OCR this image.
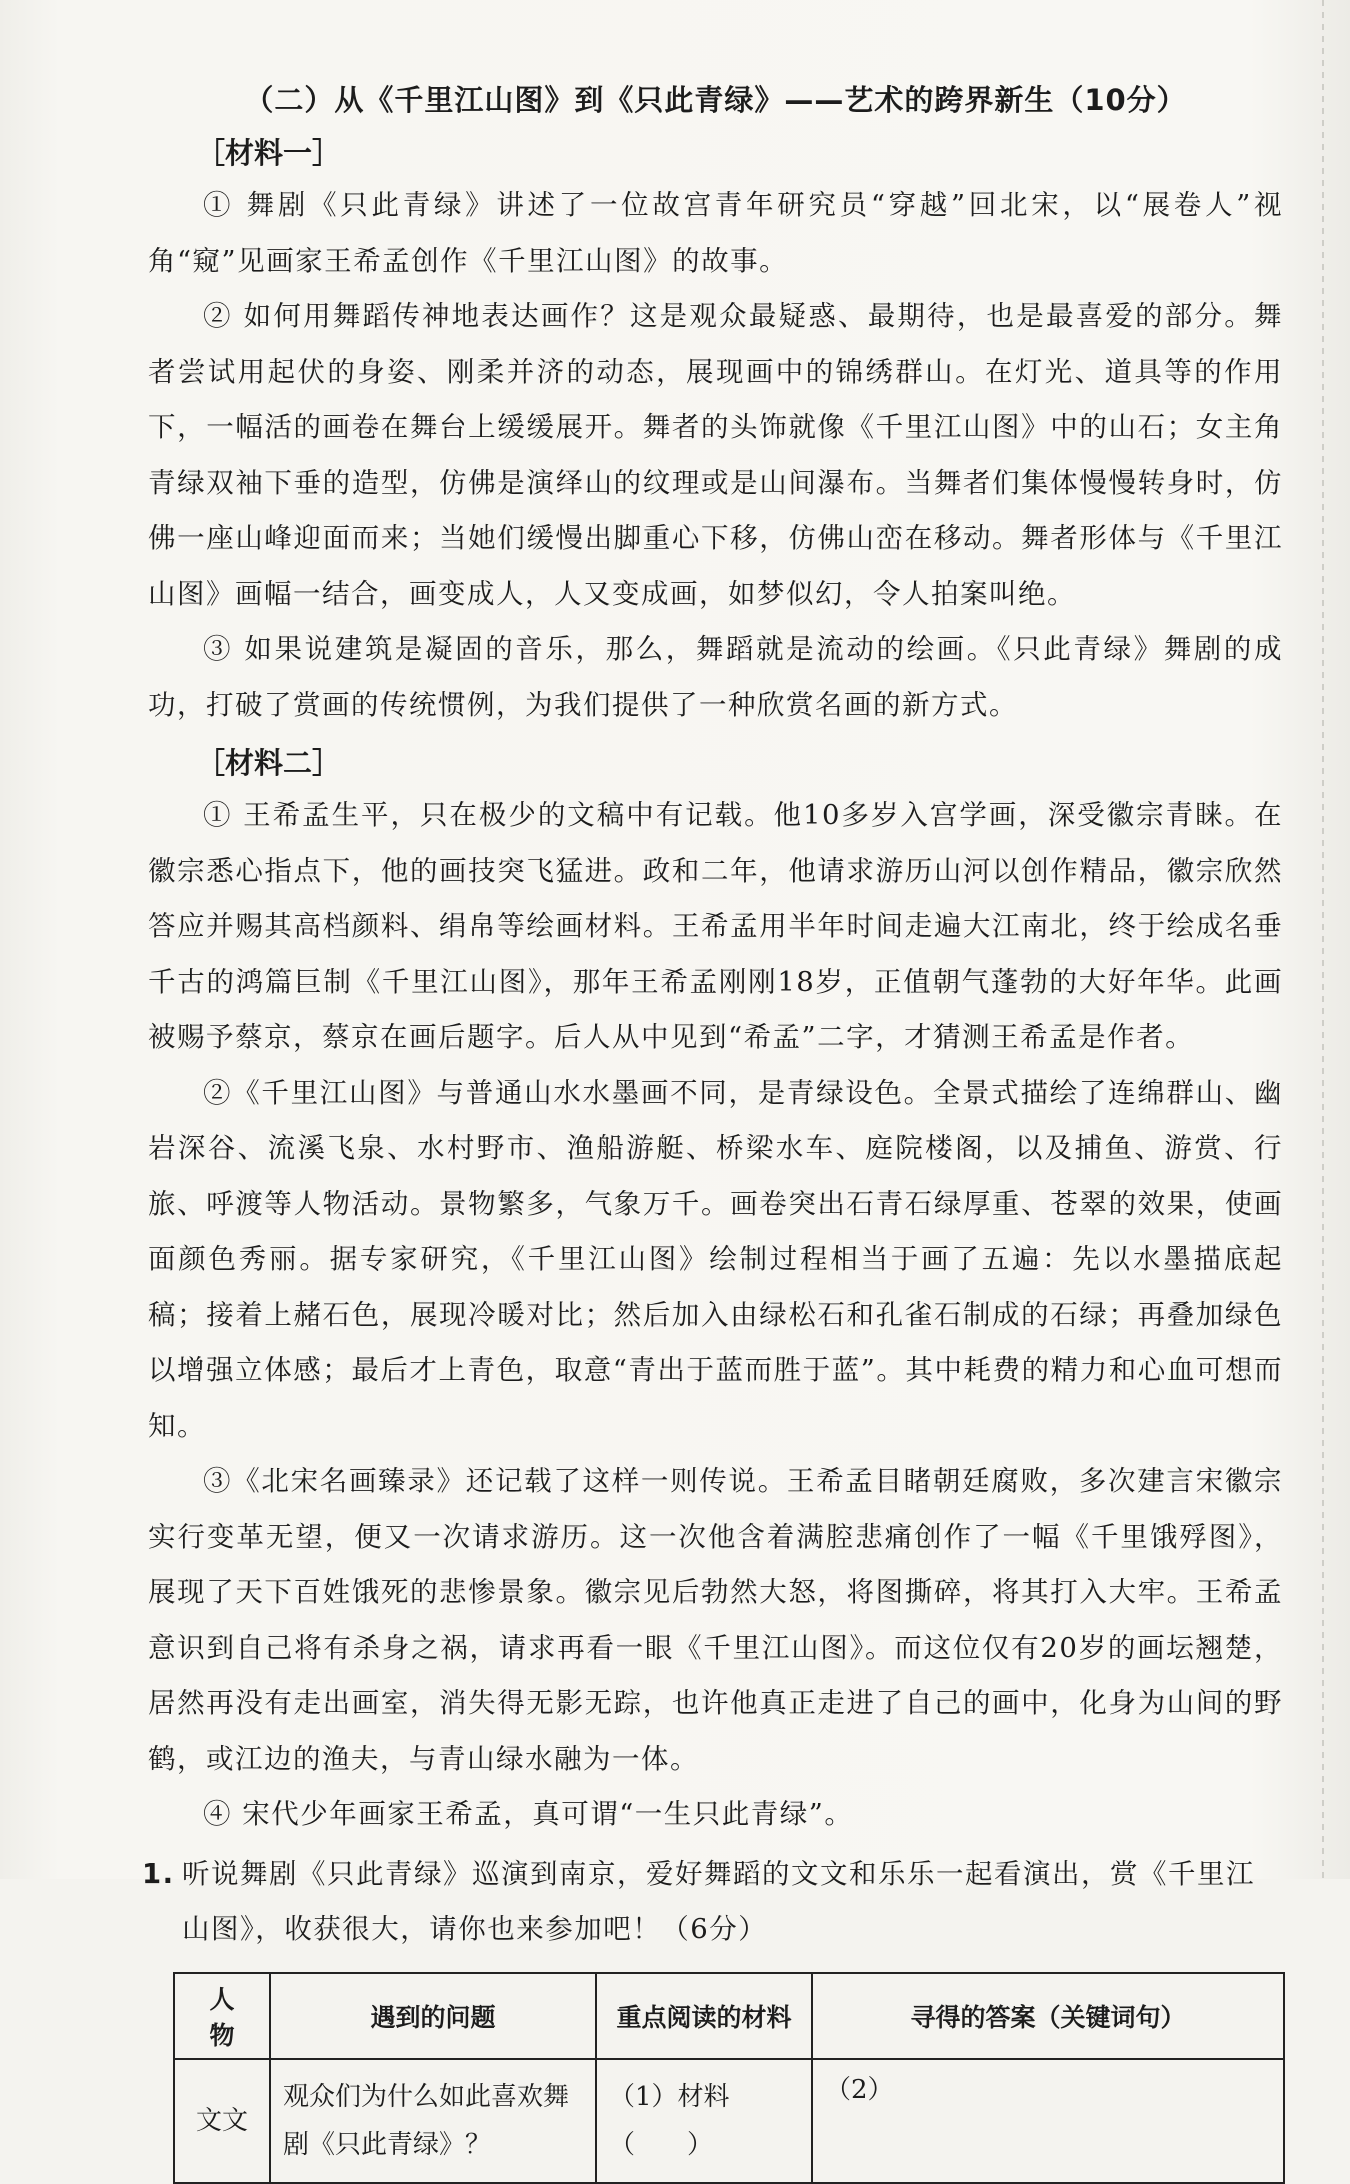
（二）从《千里江山图》到《只此青绿》——艺术的跨界新生（10分）
［材料一］

① 舞剧《只此青绿》讲述了一位故宫青年研究员“穿越”回北宋，以“展卷人”视角“窥”见画家王希孟创作《千里江山图》的故事。

② 如何用舞蹈传神地表达画作？这是观众最疑惑、最期待，也是最喜爱的部分。舞者尝试用起伏的身姿、刚柔并济的动态，展现画中的锦绣群山。在灯光、道具等的作用下，一幅活的画卷在舞台上缓缓展开。舞者的头饰就像《千里江山图》中的山石；女主角青绿双袖下垂的造型，仿佛是演绎山的纹理或是山间瀑布。当舞者们集体慢慢转身时，仿佛一座山峰迎面而来；当她们缓慢出脚重心下移，仿佛山峦在移动。舞者形体与《千里江山图》画幅一结合，画变成人，人又变成画，如梦似幻，令人拍案叫绝。

③ 如果说建筑是凝固的音乐，那么，舞蹈就是流动的绘画。《只此青绿》舞剧的成功，打破了赏画的传统惯例，为我们提供了一种欣赏名画的新方式。

［材料二］

① 王希孟生平，只在极少的文稿中有记载。他10多岁入宫学画，深受徽宗青睐。在徽宗悉心指点下，他的画技突飞猛进。政和二年，他请求游历山河以创作精品，徽宗欣然答应并赐其高档颜料、绢帛等绘画材料。王希孟用半年时间走遍大江南北，终于绘成名垂千古的鸿篇巨制《千里江山图》，那年王希孟刚刚18岁，正值朝气蓬勃的大好年华。此画被赐予蔡京，蔡京在画后题字。后人从中见到“希孟”二字，才猜测王希孟是作者。

②《千里江山图》与普通山水水墨画不同，是青绿设色。全景式描绘了连绵群山、幽岩深谷、流溪飞泉、水村野市、渔船游艇、桥梁水车、庭院楼阁，以及捕鱼、游赏、行旅、呼渡等人物活动。景物繁多，气象万千。画卷突出石青石绿厚重、苍翠的效果，使画面颜色秀丽。据专家研究，《千里江山图》绘制过程相当于画了五遍：先以水墨描底起稿；接着上赭石色，展现冷暖对比；然后加入由绿松石和孔雀石制成的石绿；再叠加绿色以增强立体感；最后才上青色，取意“青出于蓝而胜于蓝”。其中耗费的精力和心血可想而知。

③《北宋名画臻录》还记载了这样一则传说。王希孟目睹朝廷腐败，多次建言宋徽宗实行变革无望，便又一次请求游历。这一次他含着满腔悲痛创作了一幅《千里饿殍图》，展现了天下百姓饿死的悲惨景象。徽宗见后勃然大怒，将图撕碎，将其打入大牢。王希孟意识到自己将有杀身之祸，请求再看一眼《千里江山图》。而这位仅有20岁的画坛翘楚，居然再没有走出画室，消失得无影无踪，也许他真正走进了自己的画中，化身为山间的野鹤，或江边的渔夫，与青山绿水融为一体。

④ 宋代少年画家王希孟，真可谓“一生只此青绿”。

1. 听说舞剧《只此青绿》巡演到南京，爱好舞蹈的文文和乐乐一起看演出，赏《千里江山图》，收获很大，请你也来参加吧！（6分）
人　物	遇到的问题	重点阅读的材料	寻得的答案（关键词句）
文文	观众们为什么如此喜欢舞剧《只此青绿》？	（1）材料（　　）	（2）
